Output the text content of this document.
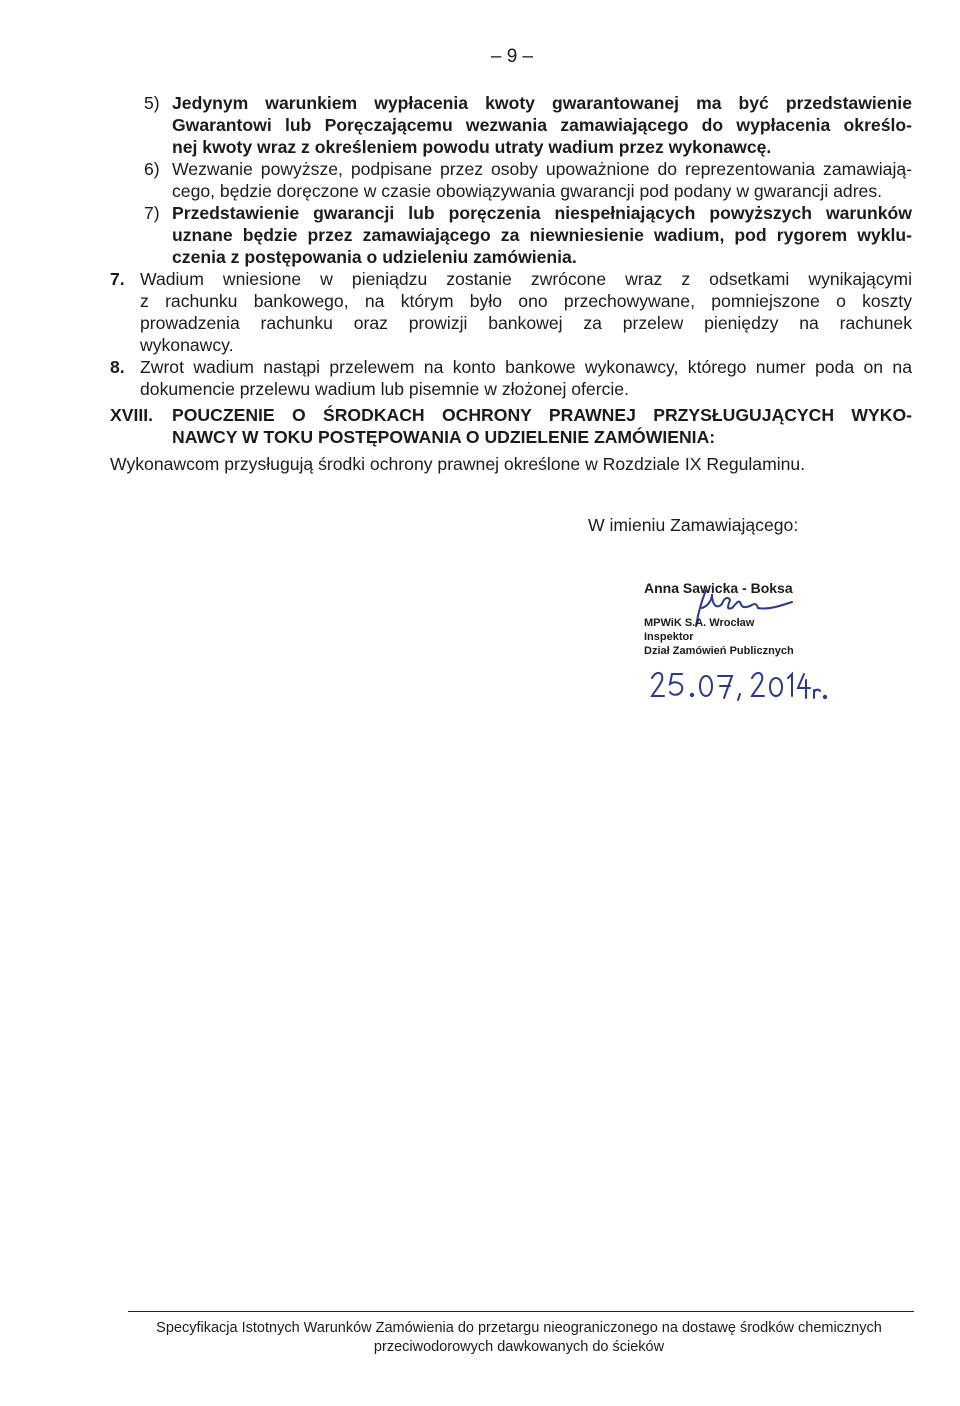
– 9 –
5) Jedynym warunkiem wypłacenia kwoty gwarantowanej ma być przedstawienie
Gwarantowi lub Poręczającemu wezwania zamawiającego do wypłacenia określo-
nej kwoty wraz z określeniem powodu utraty wadium przez wykonawcę.
6) Wezwanie powyższe, podpisane przez osoby upoważnione do reprezentowania zamawiają-
cego, będzie doręczone w czasie obowiązywania gwarancji pod podany w gwarancji adres.
7) Przedstawienie gwarancji lub poręczenia niespełniających powyższych warunków
uznane będzie przez zamawiającego za niewniesienie wadium, pod rygorem wyklu-
czenia z postępowania o udzieleniu zamówienia.
7. Wadium wniesione w pieniądzu zostanie zwrócone wraz z odsetkami wynikającymi
z rachunku bankowego, na którym było ono przechowywane, pomniejszone o koszty
prowadzenia rachunku oraz prowizji bankowej za przelew pieniędzy na rachunek
wykonawcy.
8. Zwrot wadium nastąpi przelewem na konto bankowe wykonawcy, którego numer poda on na
dokumencie przelewu wadium lub pisemnie w złożonej ofercie.
XVIII. POUCZENIE O ŚRODKACH OCHRONY PRAWNEJ PRZYSŁUGUJĄCYCH WYKO-
NAWCY W TOKU POSTĘPOWANIA O UDZIELENIE ZAMÓWIENIA:
Wykonawcom przysługują środki ochrony prawnej określone w Rozdziale IX Regulaminu.
W imieniu Zamawiającego:
Anna Sawicka - Boksa
MPWiK S.A. Wrocław
Inspektor
Dział Zamówień Publicznych
Specyfikacja Istotnych Warunków Zamówienia do przetargu nieograniczonego na dostawę środków chemicznych
przeciwodorowych dawkowanych do ścieków
